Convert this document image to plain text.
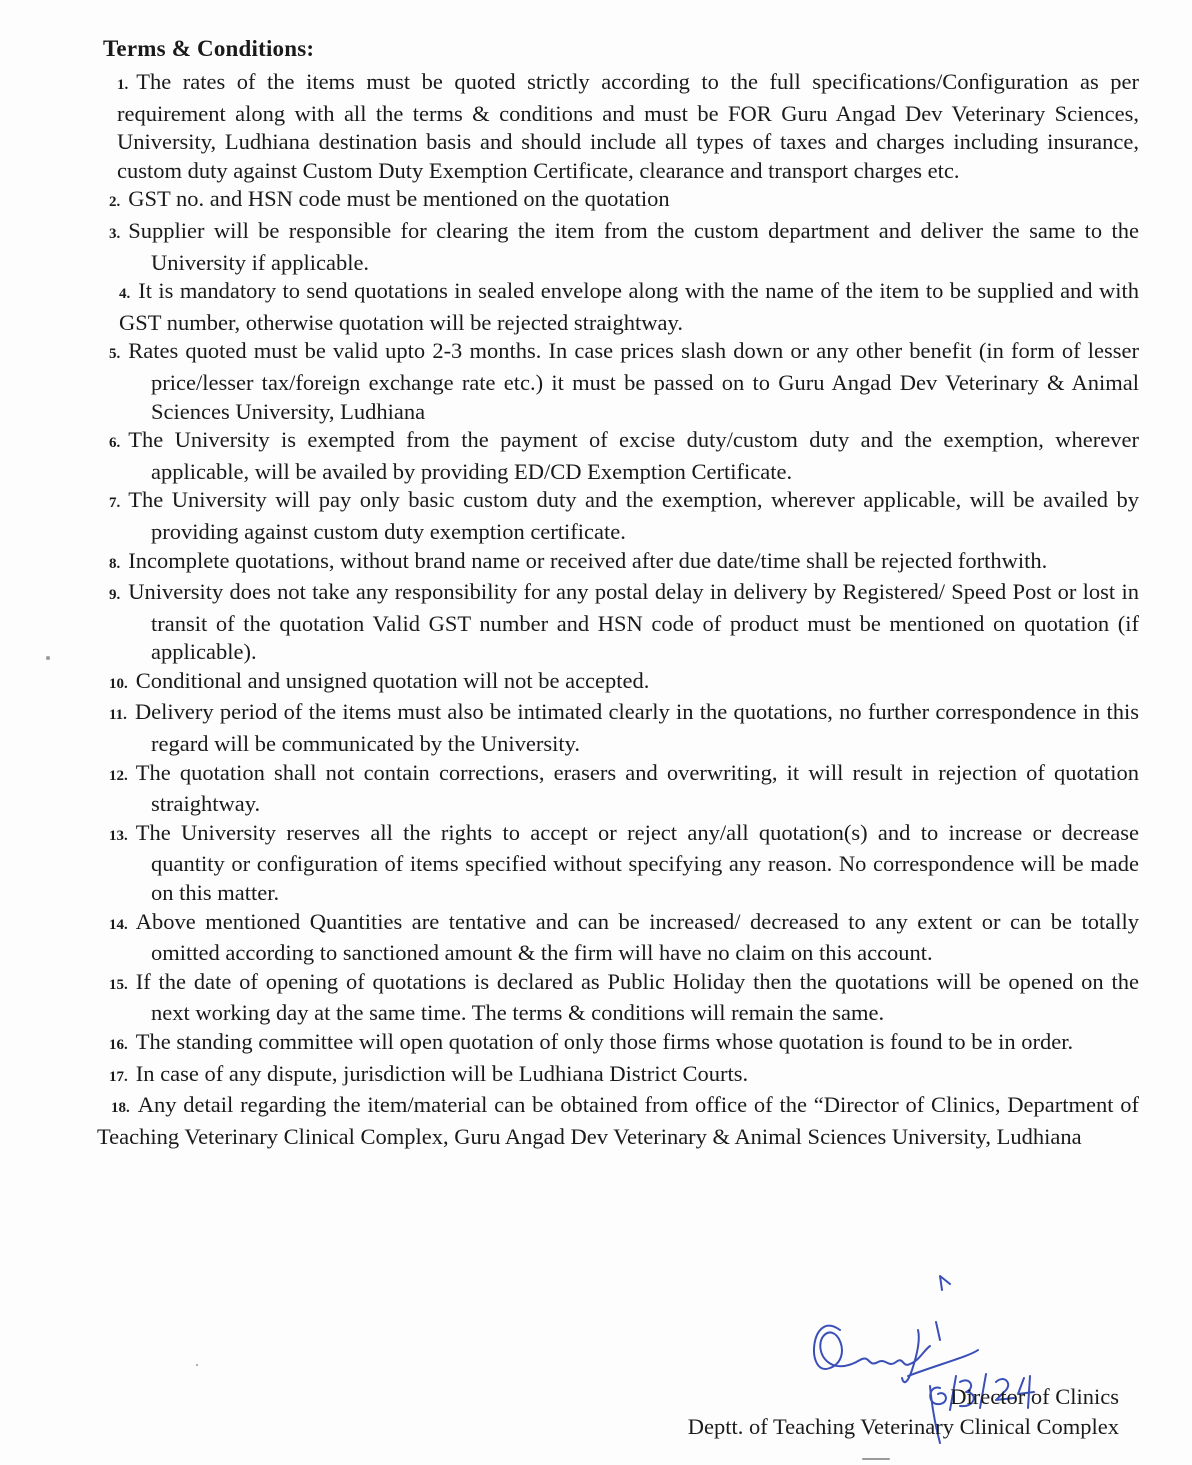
Terms & Conditions:
1. The rates of the items must be quoted strictly according to the full specifications/Configuration as per requirement along with all the terms & conditions and must be FOR Guru Angad Dev Veterinary Sciences, University, Ludhiana destination basis and should include all types of taxes and charges including insurance, custom duty against Custom Duty Exemption Certificate, clearance and transport charges etc.
2. GST no. and HSN code must be mentioned on the quotation
3. Supplier will be responsible for clearing the item from the custom department and deliver the same to the University if applicable.
4. It is mandatory to send quotations in sealed envelope along with the name of the item to be supplied and with GST number, otherwise quotation will be rejected straightway.
5. Rates quoted must be valid upto 2-3 months. In case prices slash down or any other benefit (in form of lesser price/lesser tax/foreign exchange rate etc.) it must be passed on to Guru Angad Dev Veterinary & Animal Sciences University, Ludhiana
6. The University is exempted from the payment of excise duty/custom duty and the exemption, wherever applicable, will be availed by providing ED/CD Exemption Certificate.
7. The University will pay only basic custom duty and the exemption, wherever applicable, will be availed by providing against custom duty exemption certificate.
8. Incomplete quotations, without brand name or received after due date/time shall be rejected forthwith.
9. University does not take any responsibility for any postal delay in delivery by Registered/ Speed Post or lost in transit of the quotation Valid GST number and HSN code of product must be mentioned on quotation (if applicable).
10. Conditional and unsigned quotation will not be accepted.
11. Delivery period of the items must also be intimated clearly in the quotations, no further correspondence in this regard will be communicated by the University.
12. The quotation shall not contain corrections, erasers and overwriting, it will result in rejection of quotation straightway.
13. The University reserves all the rights to accept or reject any/all quotation(s) and to increase or decrease quantity or configuration of items specified without specifying any reason. No correspondence will be made on this matter.
14. Above mentioned Quantities are tentative and can be increased/ decreased to any extent or can be totally omitted according to sanctioned amount & the firm will have no claim on this account.
15. If the date of opening of quotations is declared as Public Holiday then the quotations will be opened on the next working day at the same time. The terms & conditions will remain the same.
16. The standing committee will open quotation of only those firms whose quotation is found to be in order.
17. In case of any dispute, jurisdiction will be Ludhiana District Courts.
18. Any detail regarding the item/material can be obtained from office of the “Director of Clinics, Department of Teaching Veterinary Clinical Complex, Guru Angad Dev Veterinary & Animal Sciences University, Ludhiana
Director of Clinics
Deptt. of Teaching Veterinary Clinical Complex
